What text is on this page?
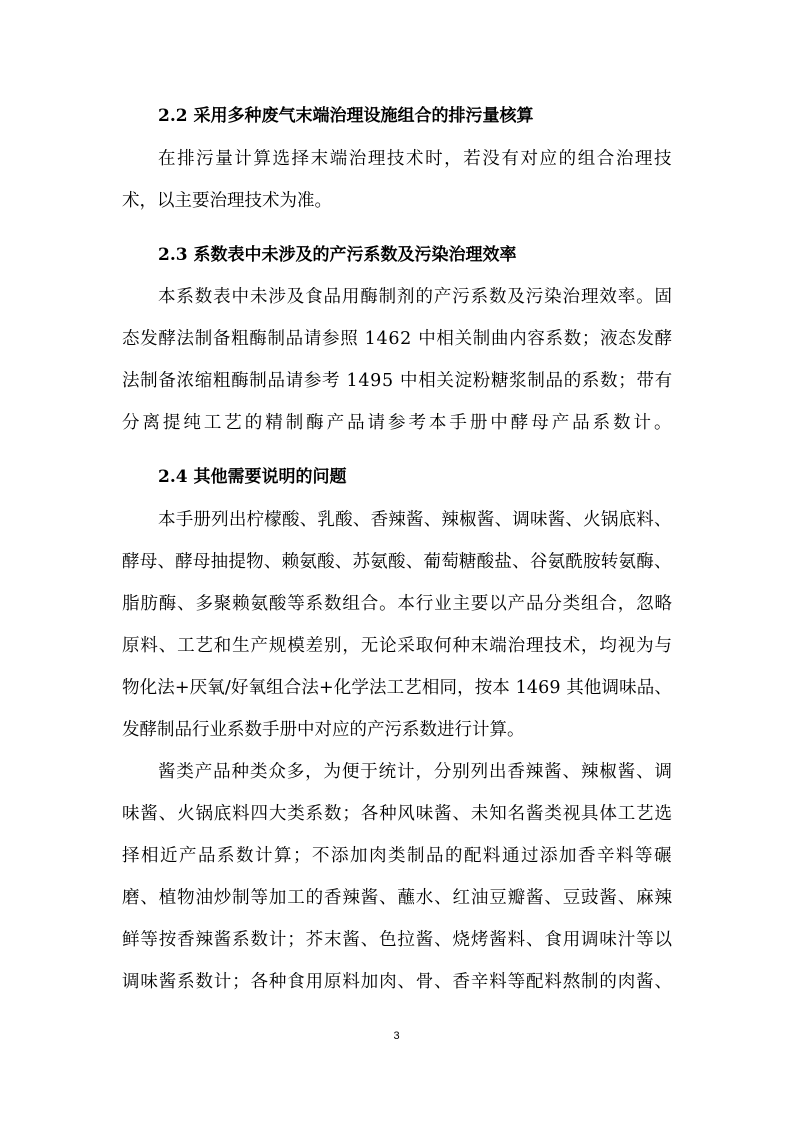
2.2 采用多种废气末端治理设施组合的排污量核算

在排污量计算选择末端治理技术时，若没有对应的组合治理技

术，以主要治理技术为准。

2.3 系数表中未涉及的产污系数及污染治理效率

本系数表中未涉及食品用酶制剂的产污系数及污染治理效率。固

态发酵法制备粗酶制品请参照 1462 中相关制曲内容系数；液态发酵

法制备浓缩粗酶制品请参考 1495 中相关淀粉糖浆制品的系数；带有

分离提纯工艺的精制酶产品请参考本手册中酵母产品系数计。

2.4 其他需要说明的问题

本手册列出柠檬酸、乳酸、香辣酱、辣椒酱、调味酱、火锅底料、

酵母、酵母抽提物、赖氨酸、苏氨酸、葡萄糖酸盐、谷氨酰胺转氨酶、

脂肪酶、多聚赖氨酸等系数组合。本行业主要以产品分类组合，忽略

原料、工艺和生产规模差别，无论采取何种末端治理技术，均视为与

物化法+厌氧/好氧组合法+化学法工艺相同，按本 1469 其他调味品、

发酵制品行业系数手册中对应的产污系数进行计算。

酱类产品种类众多，为便于统计，分别列出香辣酱、辣椒酱、调

味酱、火锅底料四大类系数；各种风味酱、未知名酱类视具体工艺选

择相近产品系数计算；不添加肉类制品的配料通过添加香辛料等碾

磨、植物油炒制等加工的香辣酱、蘸水、红油豆瓣酱、豆豉酱、麻辣

鲜等按香辣酱系数计；芥末酱、色拉酱、烧烤酱料、食用调味汁等以

调味酱系数计；各种食用原料加肉、骨、香辛料等配料熬制的肉酱、

3
